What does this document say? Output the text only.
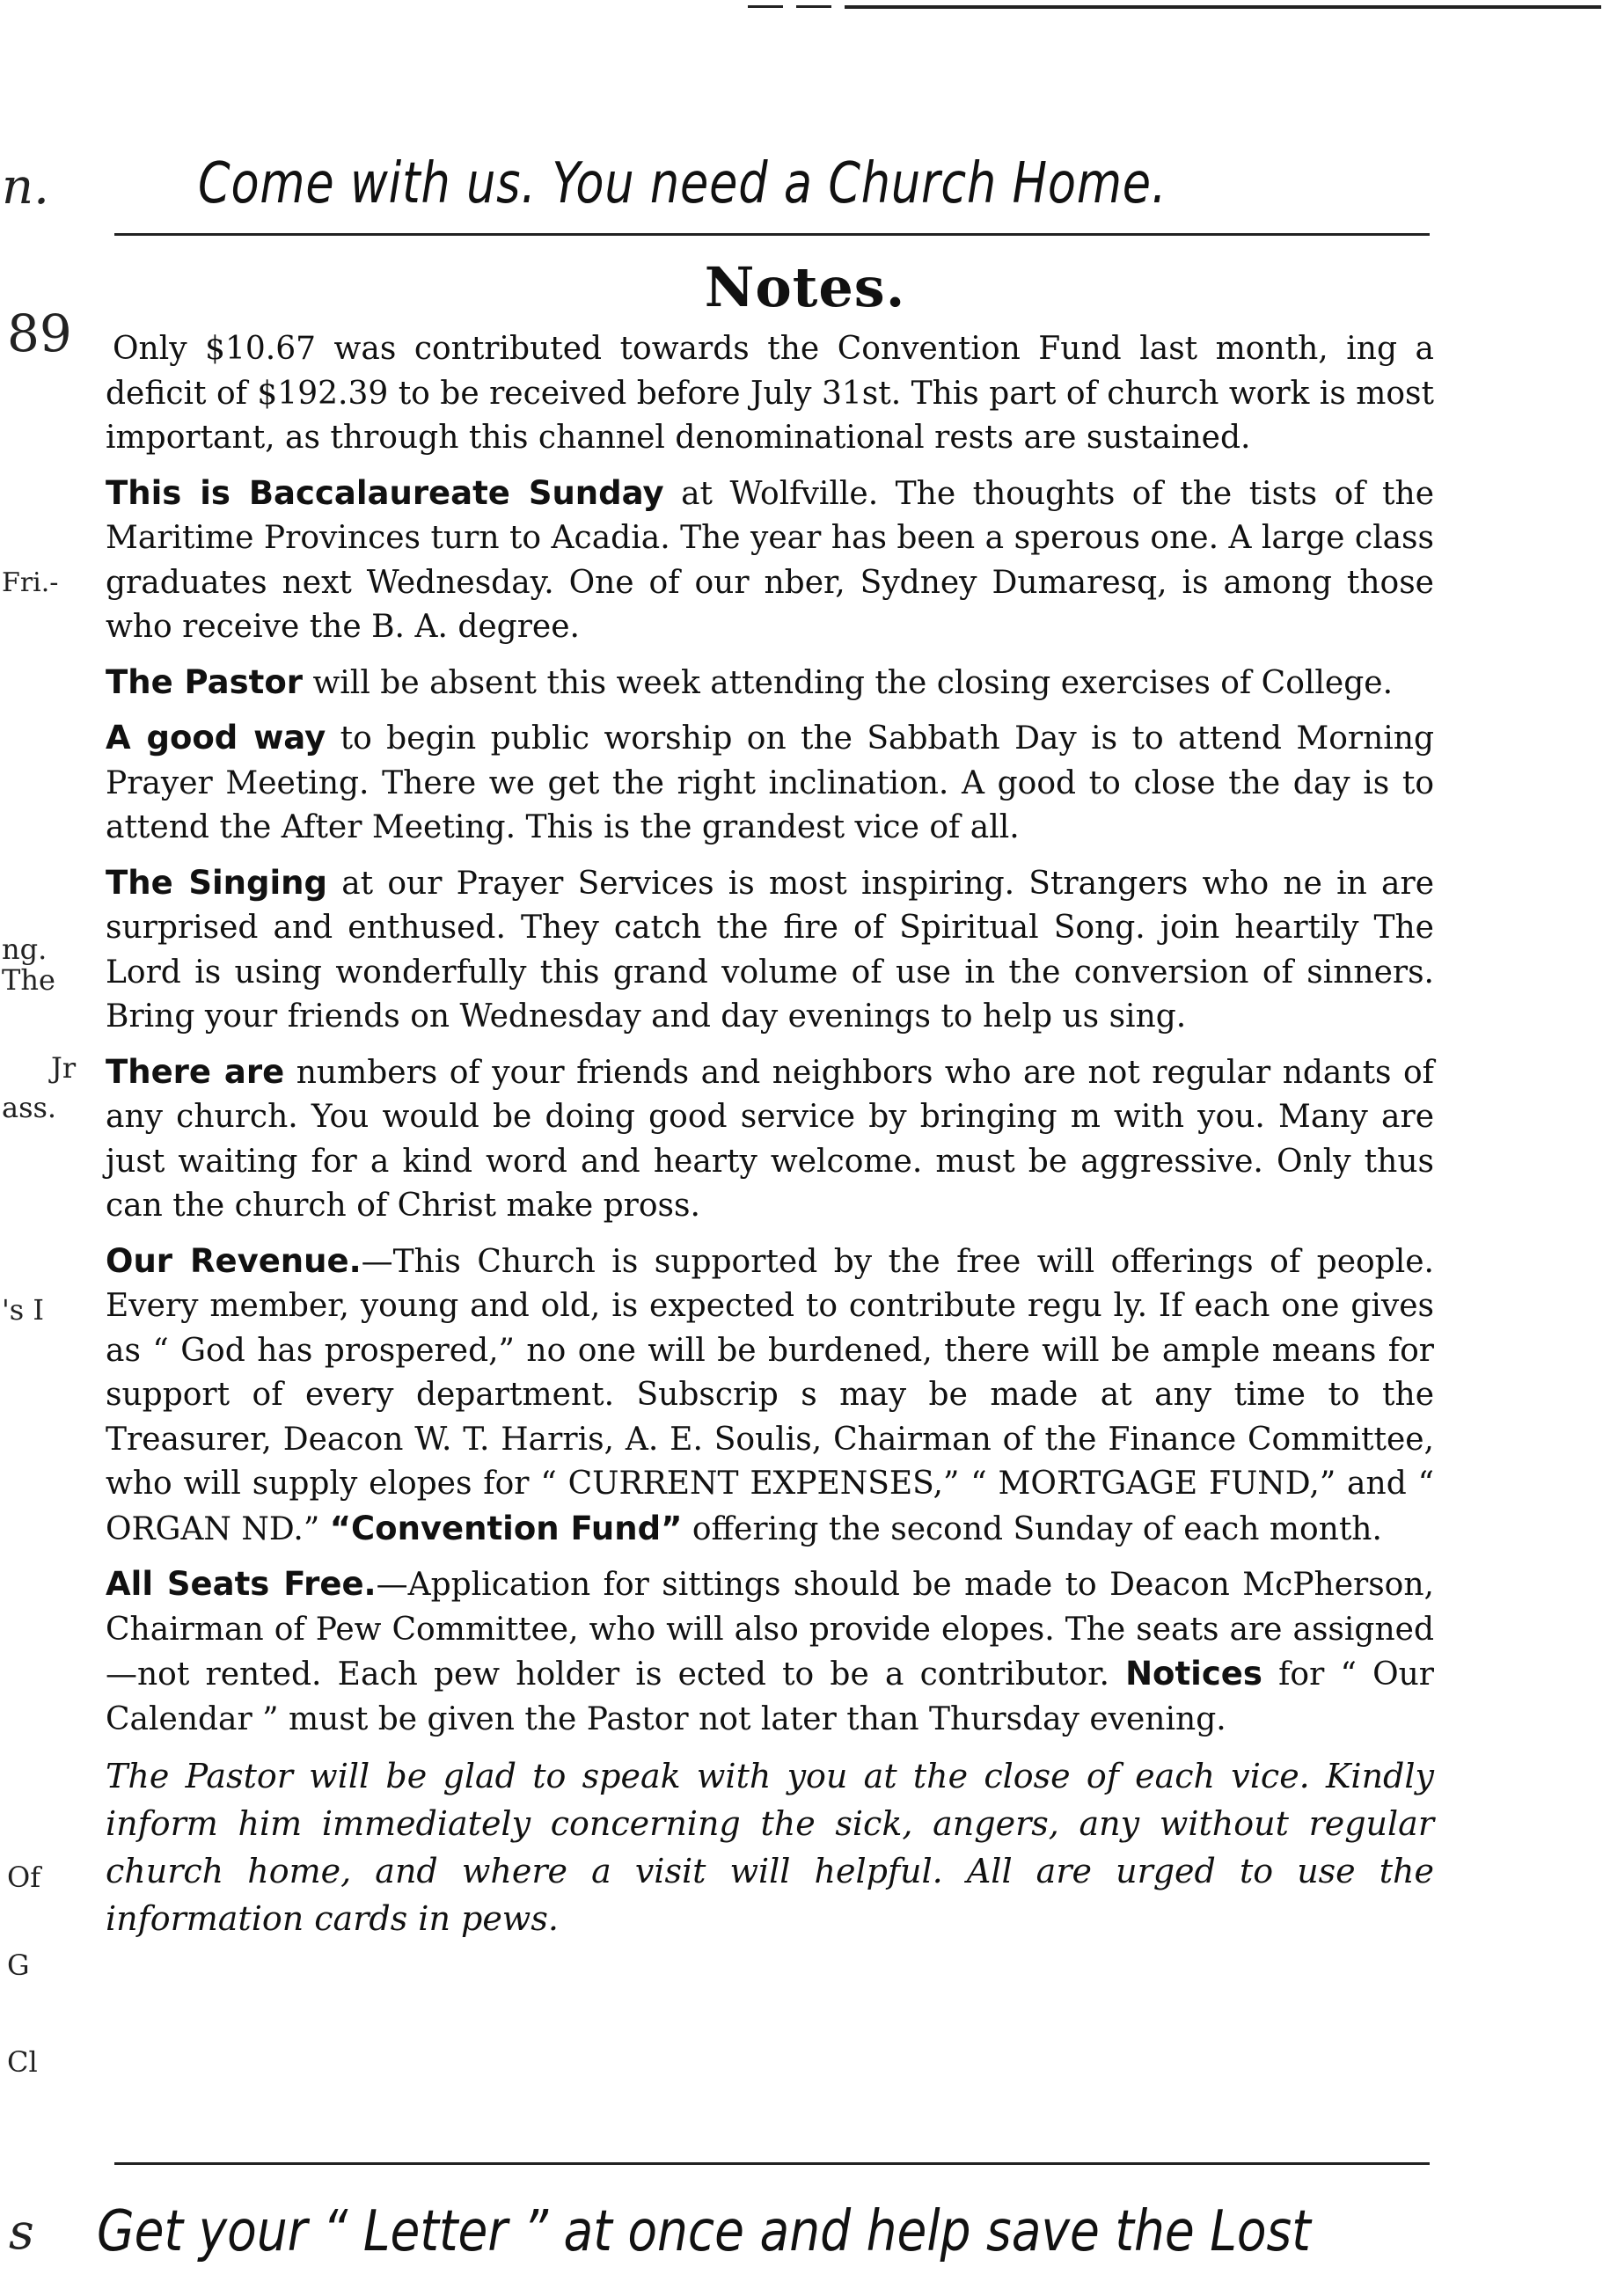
n.
89
Fri.-
ng.
The
Jr
ass.
's I
Of
G
Cl
s
Come with us. You need a Church Home.
Notes.

Only $10.67 was contributed towards the Convention Fund last month, ing a deficit of $192.39 to be received before July 31st. This part of church work is most important, as through this channel denominational rests are sustained.

This is Baccalaureate Sunday at Wolfville. The thoughts of the tists of the Maritime Provinces turn to Acadia. The year has been a sperous one. A large class graduates next Wednesday. One of our nber, Sydney Dumaresq, is among those who receive the B. A. degree.

The Pastor will be absent this week attending the closing exercises of College.

A good way to begin public worship on the Sabbath Day is to attend Morning Prayer Meeting. There we get the right inclination. A good to close the day is to attend the After Meeting. This is the grandest vice of all.

The Singing at our Prayer Services is most inspiring. Strangers who ne in are surprised and enthused. They catch the fire of Spiritual Song. join heartily The Lord is using wonderfully this grand volume of use in the conversion of sinners. Bring your friends on Wednesday and day evenings to help us sing.

There are numbers of your friends and neighbors who are not regular ndants of any church. You would be doing good service by bringing m with you. Many are just waiting for a kind word and hearty welcome. must be aggressive. Only thus can the church of Christ make pross.

Our Revenue.—This Church is supported by the free will offerings of people. Every member, young and old, is expected to contribute regu ly. If each one gives as “ God has prospered,” no one will be burdened, there will be ample means for support of every department. Subscrip s may be made at any time to the Treasurer, Deacon W. T. Harris, A. E. Soulis, Chairman of the Finance Committee, who will supply elopes for “ CURRENT EXPENSES,” “ MORTGAGE FUND,” and “ ORGAN ND.” “Convention Fund” offering the second Sunday of each month.

All Seats Free.—Application for sittings should be made to Deacon McPherson, Chairman of Pew Committee, who will also provide elopes. The seats are assigned—not rented. Each pew holder is ected to be a contributor. Notices for “ Our Calendar ” must be given the Pastor not later than Thursday evening.

The Pastor will be glad to speak with you at the close of each vice. Kindly inform him immediately concerning the sick, angers, any without regular church home, and where a visit will helpful. All are urged to use the information cards in pews.

Get your “ Letter ” at once and help save the Lost
